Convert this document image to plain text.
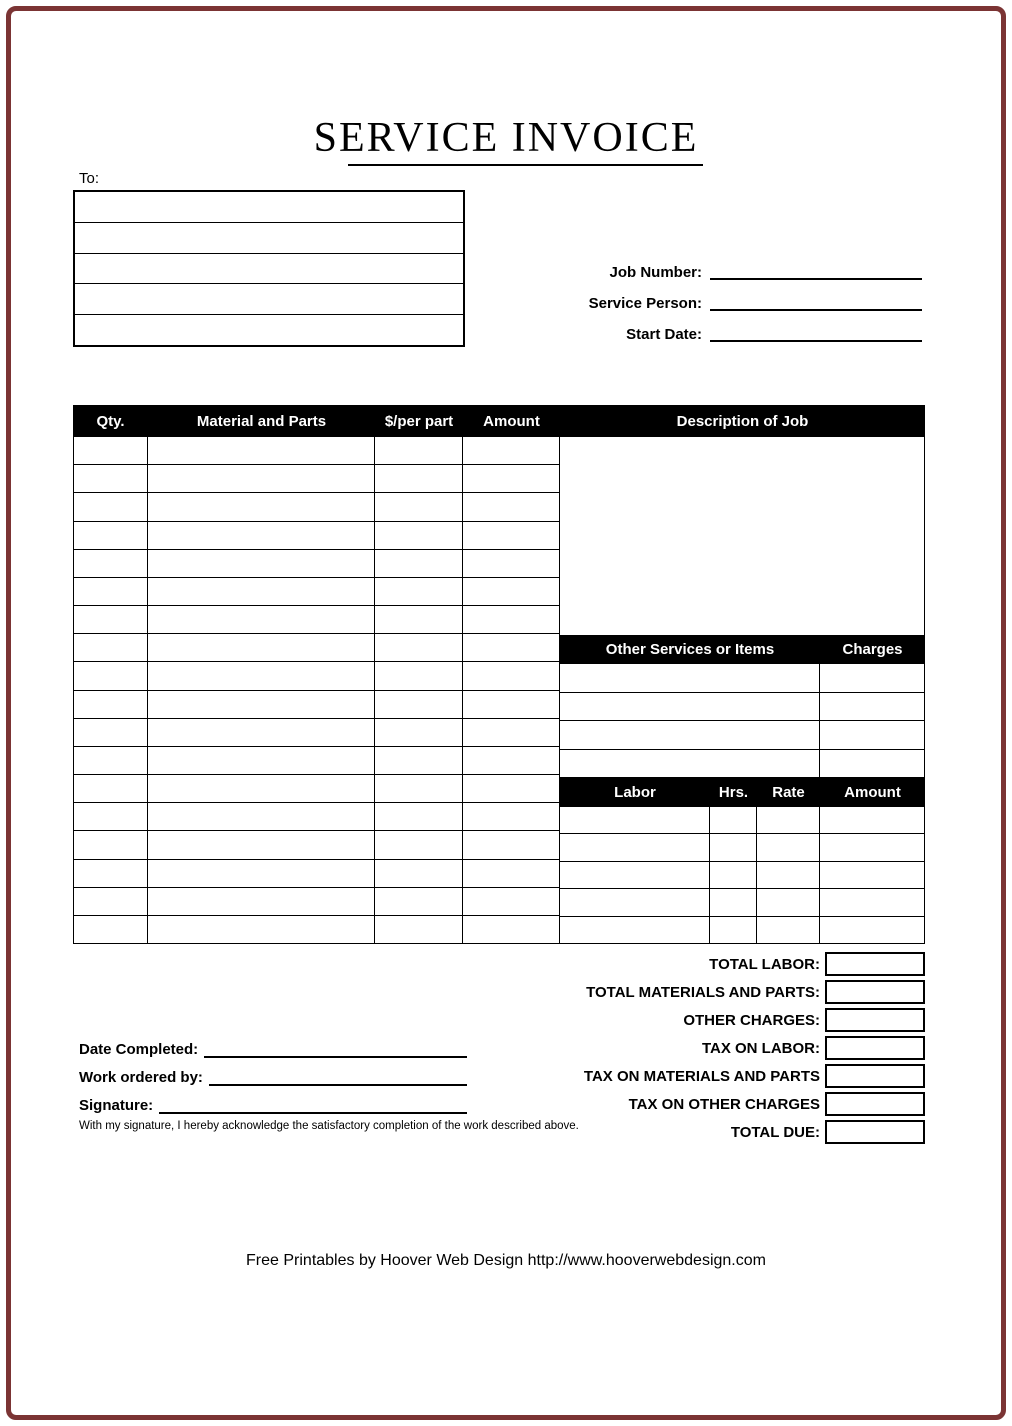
SERVICE INVOICE
To:
Job Number:
Service Person:
Start Date:
Qty.	Material and Parts	$/per part	Amount	Description of Job
Other Services or Items	Charges
Labor	Hrs.	Rate	Amount
TOTAL LABOR:
TOTAL MATERIALS AND PARTS:
OTHER CHARGES:
TAX ON LABOR:
TAX ON MATERIALS AND PARTS
TAX ON OTHER CHARGES
TOTAL DUE:
Date Completed:
Work ordered by:
Signature:
With my signature, I hereby acknowledge the satisfactory completion of the work described above.
Free Printables by Hoover Web Design http://www.hooverwebdesign.com
